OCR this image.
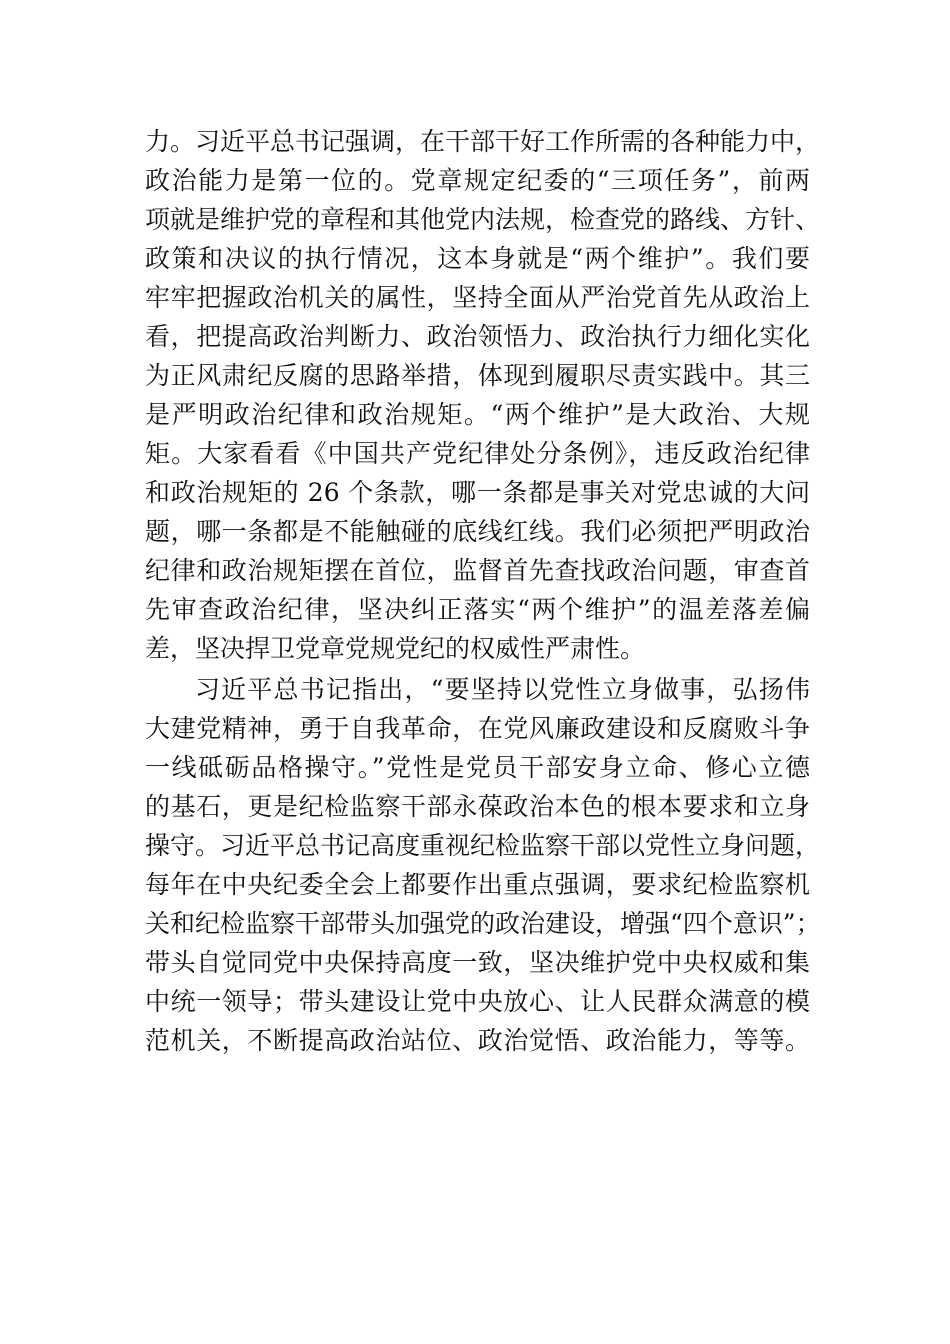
力。习近平总书记强调，在干部干好工作所需的各种能力中，
政治能力是第一位的。党章规定纪委的“三项任务”，前两
项就是维护党的章程和其他党内法规，检查党的路线、方针、
政策和决议的执行情况，这本身就是“两个维护”。我们要
牢牢把握政治机关的属性，坚持全面从严治党首先从政治上
看，把提高政治判断力、政治领悟力、政治执行力细化实化
为正风肃纪反腐的思路举措，体现到履职尽责实践中。其三
是严明政治纪律和政治规矩。“两个维护”是大政治、大规
矩。大家看看《中国共产党纪律处分条例》，违反政治纪律
和政治规矩的 26 个条款，哪一条都是事关对党忠诚的大问
题，哪一条都是不能触碰的底线红线。我们必须把严明政治
纪律和政治规矩摆在首位，监督首先查找政治问题，审查首
先审查政治纪律，坚决纠正落实“两个维护”的温差落差偏
差，坚决捍卫党章党规党纪的权威性严肃性。
习近平总书记指出，“要坚持以党性立身做事，弘扬伟
大建党精神，勇于自我革命，在党风廉政建设和反腐败斗争
一线砥砺品格操守。”党性是党员干部安身立命、修心立德
的基石，更是纪检监察干部永葆政治本色的根本要求和立身
操守。习近平总书记高度重视纪检监察干部以党性立身问题，
每年在中央纪委全会上都要作出重点强调，要求纪检监察机
关和纪检监察干部带头加强党的政治建设，增强“四个意识”；
带头自觉同党中央保持高度一致，坚决维护党中央权威和集
中统一领导；带头建设让党中央放心、让人民群众满意的模
范机关，不断提高政治站位、政治觉悟、政治能力，等等。
